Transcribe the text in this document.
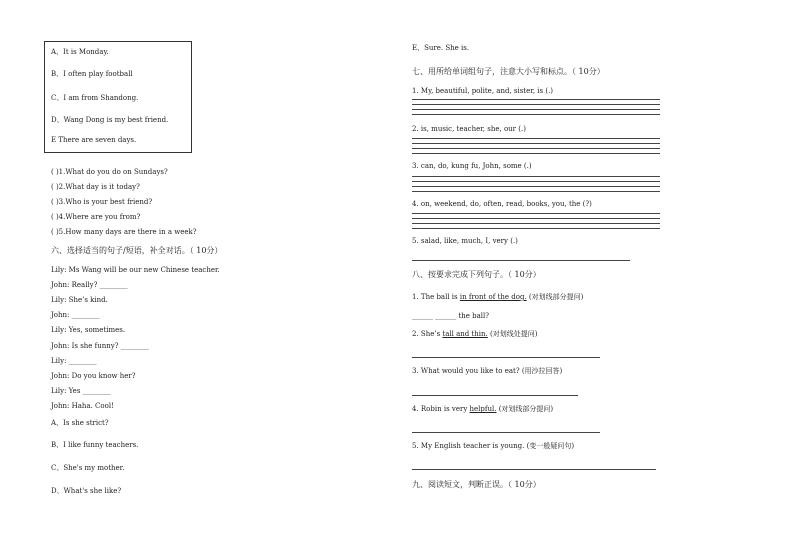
A、It is Monday.
B、I often play football
C、I am from Shandong.
D、Wang Dong is my best friend.
E There are seven days.
( )1.What do you do on Sundays?
( )2.What day is it today?
( )3.Who is your best friend?
( )4.Where are you from?
( )5.How many days are there in a week?
六、选择适当的句子/短语，补全对话。（ 10分）
Lily: Ms Wang will be our new Chinese teacher.
John: Really? ________
Lily: She’s kind.
John: ________
Lily: Yes, sometimes.
John: Is she funny? ________
Lily: ________
John: Do you know her?
Lily: Yes ________
John: Haha. Cool!
A、Is she strict?
B、I like funny teachers.
C、She's my mother.
D、What's she like?
E、Sure. She is.
七、用所给单词组句子，注意大小写和标点。（ 10分）
1. My, beautiful, polite, and, sister, is (.)
2. is, music, teacher, she, our (.)
3. can, do, kung fu, John, some (.)
4. on, weekend, do, often, read, books, you, the (?)
5. salad, like, much, I, very (.)
八、按要求完成下列句子。（ 10分）
1. The ball is in front of the dog. (对划线部分提问)
______ ______ the ball?
2. She’s tall and thin. (对划线处提问)
3. What would you like to eat? (用沙拉回答)
4. Robin is very helpful. (对划线部分提问)
5. My English teacher is young. (变一般疑问句)
九、阅读短文，判断正误。（ 10分）
